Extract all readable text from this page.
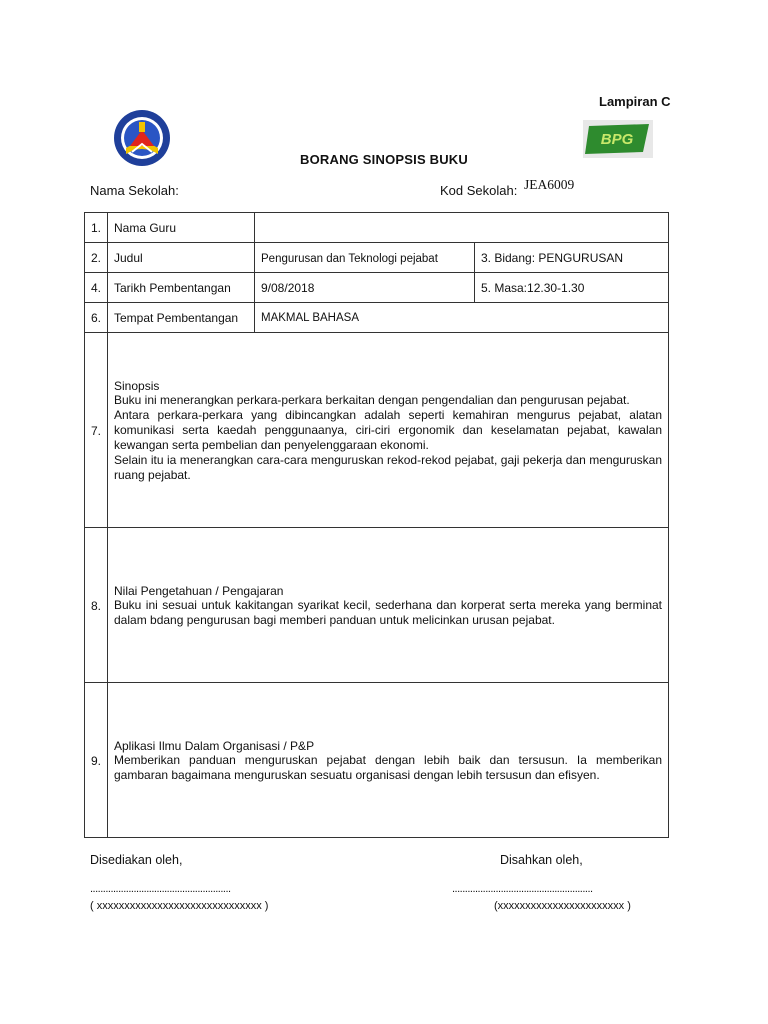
Lampiran C
BPG
BORANG SINOPSIS BUKU
Nama Sekolah:	Kod Sekolah: JEA6009
1.	Nama Guru		
2.	Judul	Pengurusan dan Teknologi pejabat	3. Bidang: PENGURUSAN
4.	Tarikh Pembentangan	9/08/2018	5. Masa:12.30-1.30
6.	Tempat Pembentangan	MAKMAL BAHASA	
7.	Sinopsis
Buku ini menerangkan perkara-perkara berkaitan dengan pengendalian dan pengurusan pejabat.
Antara perkara-perkara yang dibincangkan adalah seperti kemahiran mengurus pejabat, alatan komunikasi serta kaedah penggunaanya, ciri-ciri ergonomik dan keselamatan pejabat, kawalan kewangan serta pembelian dan penyelenggaraan ekonomi.
Selain itu ia menerangkan cara-cara menguruskan rekod-rekod pejabat, gaji pekerja dan menguruskan ruang pejabat.		

8.	Nilai Pengetahuan / Pengajaran
Buku ini sesuai untuk kakitangan syarikat kecil, sederhana dan korperat serta mereka yang berminat dalam bdang pengurusan bagi memberi panduan untuk melicinkan urusan pejabat.		

9.	Aplikasi Ilmu Dalam Organisasi / P&P
Memberikan panduan menguruskan pejabat dengan lebih baik dan tersusun. Ia memberikan gambaran bagaimana menguruskan sesuatu organisasi dengan lebih tersusun dan efisyen.		
Disediakan oleh,	Disahkan oleh,
.......................................................	.......................................................
( xxxxxxxxxxxxxxxxxxxxxxxxxxxxxx )	(xxxxxxxxxxxxxxxxxxxxxxx )
